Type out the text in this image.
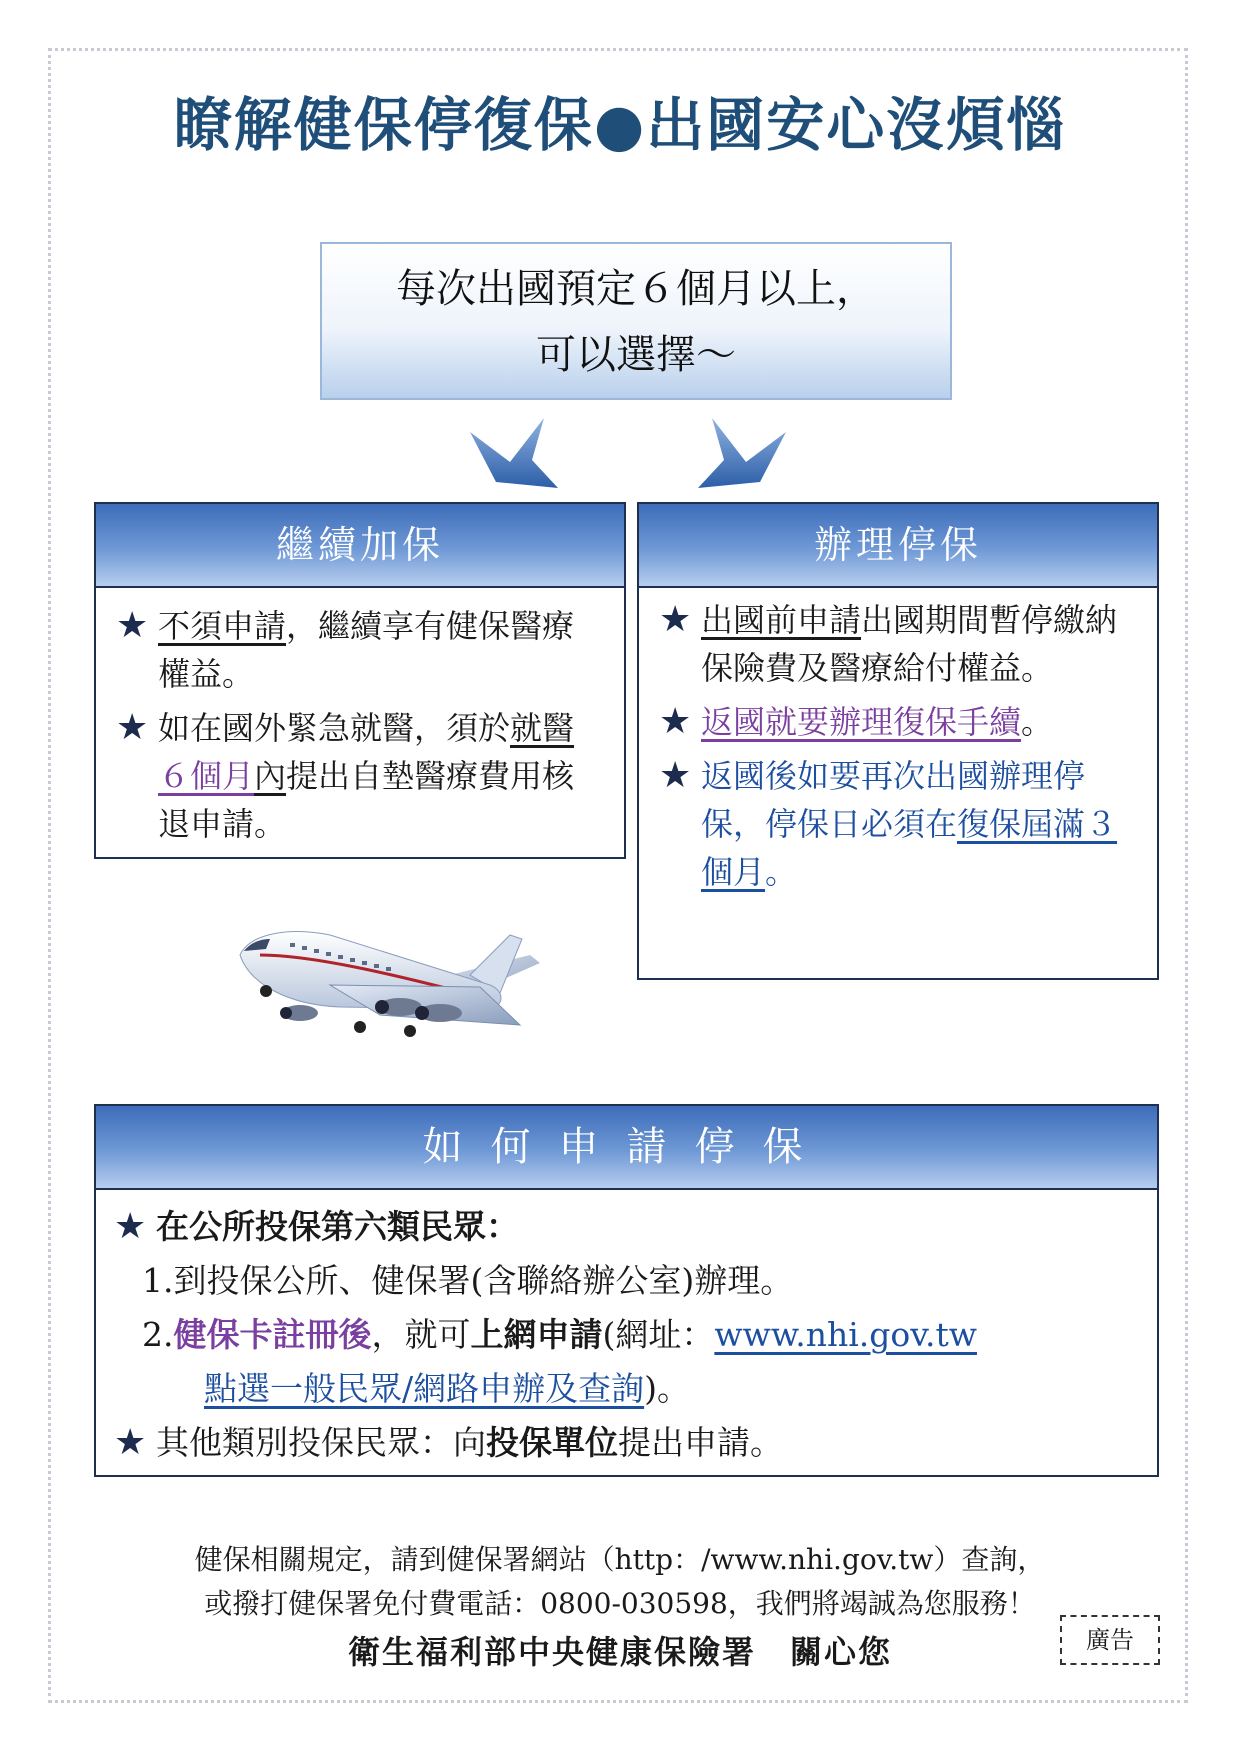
瞭解健保停復保●出國安心沒煩惱
每次出國預定６個月以上，
可以選擇～
繼續加保
★ 不須申請，繼續享有健保醫療權益。
★ 如在國外緊急就醫，須於就醫６個月內提出自墊醫療費用核退申請。
辦理停保
★ 出國前申請出國期間暫停繳納保險費及醫療給付權益。
★ 返國就要辦理復保手續。
★ 返國後如要再次出國辦理停保，停保日必須在復保屆滿３個月。
如何申請停保
★ 在公所投保第六類民眾：
1.到投保公所、健保署(含聯絡辦公室)辦理。
2.健保卡註冊後，就可上網申請(網址：www.nhi.gov.tw
點選一般民眾/網路申辦及查詢)。
★ 其他類別投保民眾：向投保單位提出申請。
健保相關規定，請到健保署網站（http：/www.nhi.gov.tw）查詢，
或撥打健保署免付費電話：0800-030598，我們將竭誠為您服務！
衛生福利部中央健康保險署　關心您	廣告
